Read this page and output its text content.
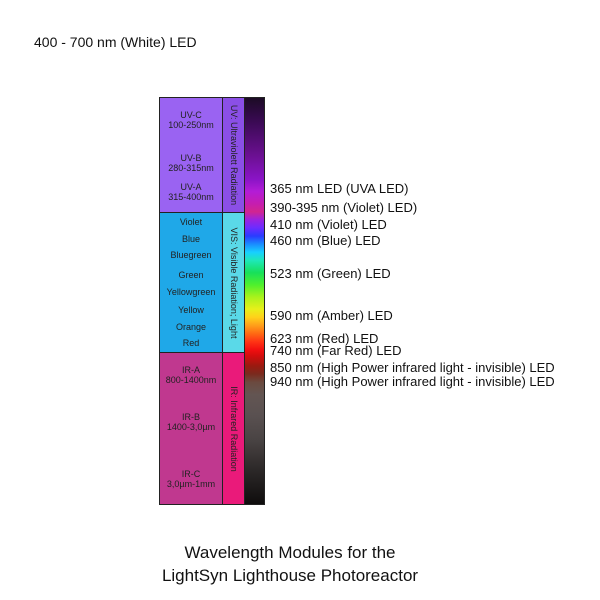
400 - 700 nm (White) LED
UV-C
100-250nm
UV-B
280-315nm
UV-A
315-400nm	UV: Ultraviolett Radiation
Violet
Blue
Bluegreen
Green
Yellowgreen
Yellow
Orange
Red
VIS: Visible Radiation; Light
IR-A
800-1400nm
IR-B
1400-3,0µm
IR-C
3,0µm-1mm
IR: Infrared Radiation
365 nm LED (UVA LED)
390-395 nm (Violet) LED)
410 nm (Violet) LED
460 nm (Blue) LED
523 nm (Green) LED
590 nm (Amber) LED
623 nm (Red) LED
740 nm (Far Red) LED
850 nm (High Power infrared light - invisible) LED
940 nm (High Power infrared light - invisible) LED
Wavelength Modules for the
LightSyn Lighthouse Photoreactor
